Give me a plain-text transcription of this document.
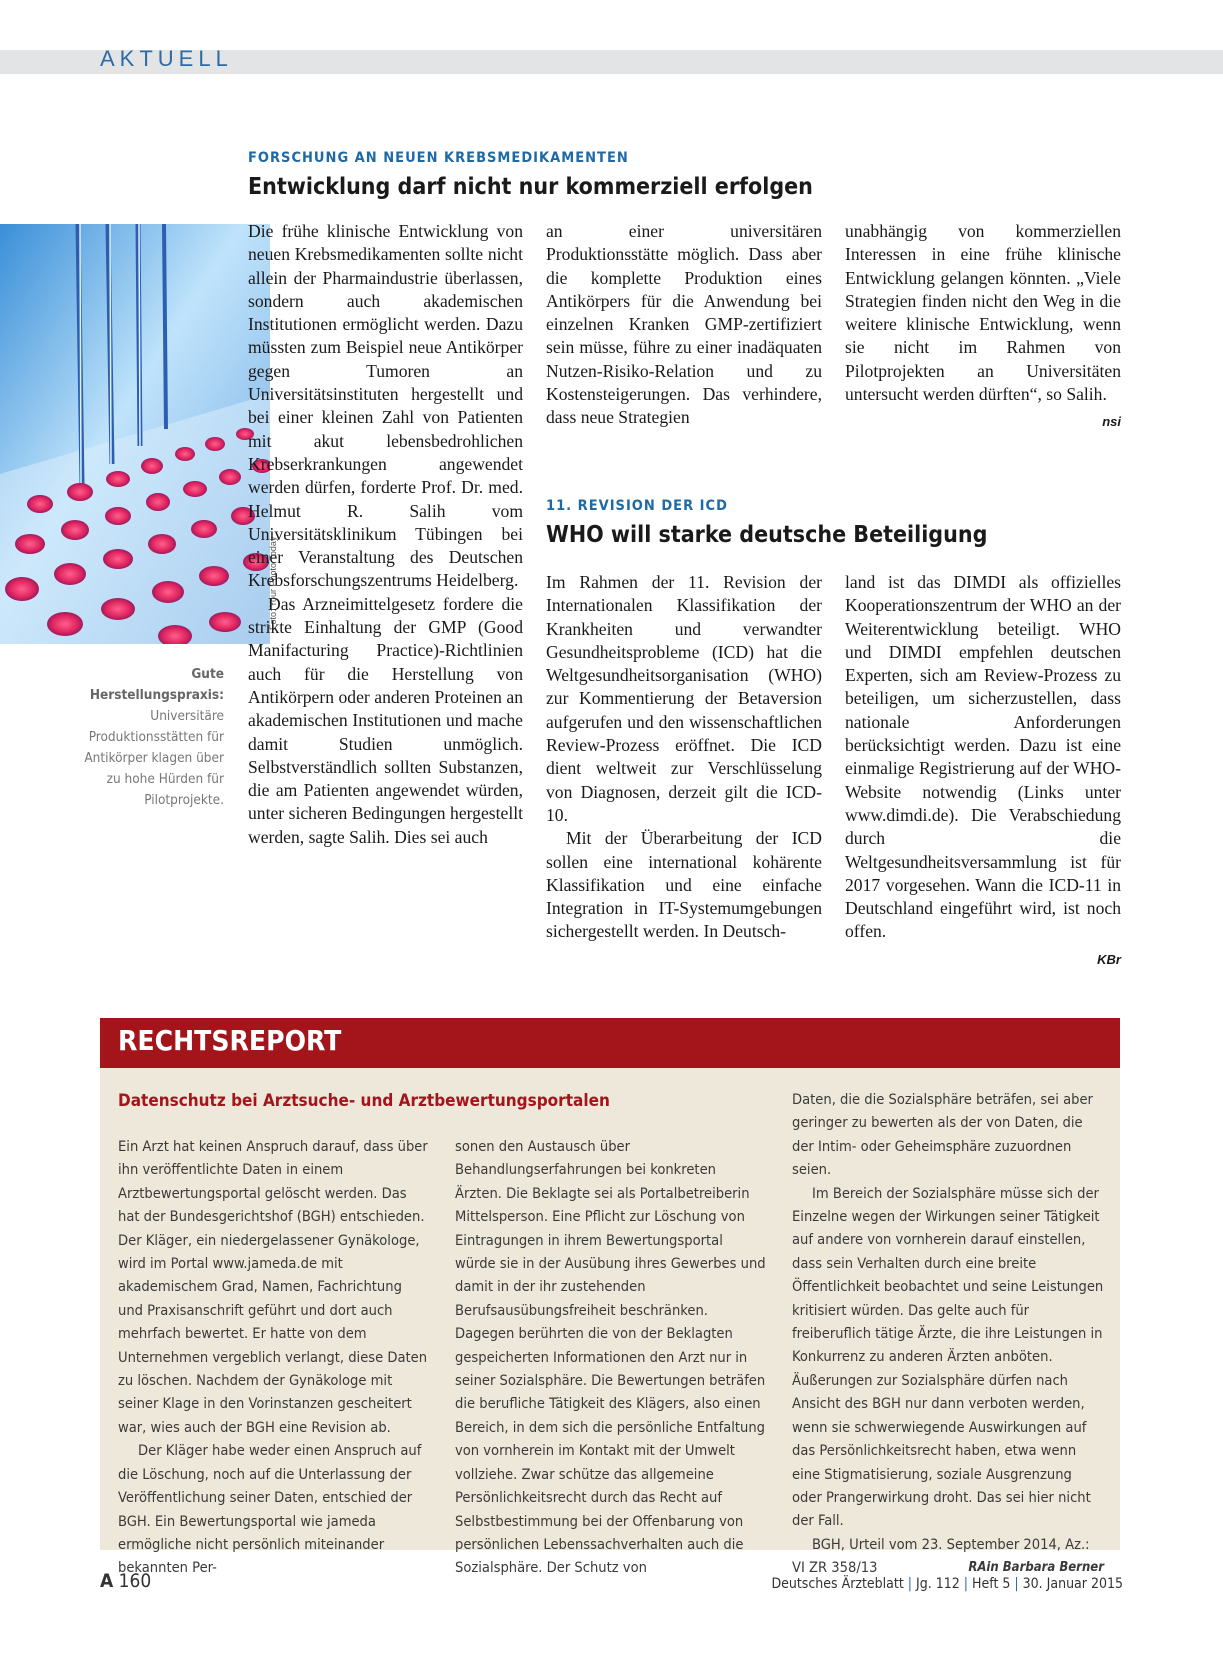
AKTUELL
FORSCHUNG AN NEUEN KREBSMEDIKAMENTEN
Entwicklung darf nicht nur kommerziell erfolgen
Foto: Your Photo Today
Gute Herstellungspraxis: Universitäre Produktionsstätten für Antikörper klagen über zu hohe Hürden für Pilotprojekte.

Die frühe klinische Entwicklung von neuen Krebsmedikamenten sollte nicht allein der Pharmaindustrie überlassen, sondern auch akademischen Institutionen ermöglicht werden. Dazu müssten zum Beispiel neue Antikörper gegen Tumoren an Universitätsinstituten hergestellt und bei einer kleinen Zahl von Patienten mit akut lebensbedrohlichen Krebserkrankungen angewendet werden dürfen, forderte Prof. Dr. med. Helmut R. Salih vom Universitätsklinikum Tübingen bei einer Veranstaltung des Deutschen Krebsforschungszentrums Heidelberg.

Das Arzneimittelgesetz fordere die strikte Einhaltung der GMP (Good Manifacturing Practice)-Richtlinien auch für die Herstellung von Antikörpern oder anderen Proteinen an akademischen Institutionen und mache damit Studien unmöglich. Selbstverständlich sollten Substanzen, die am Patienten angewendet würden, unter sicheren Bedingungen hergestellt werden, sagte Salih. Dies sei auch

an einer universitären Produktionsstätte möglich. Dass aber die komplette Produktion eines Antikörpers für die Anwendung bei einzelnen Kranken GMP-zertifiziert sein müsse, führe zu einer inadäquaten Nutzen-Risiko-Relation und zu Kostensteigerungen. Das verhindere, dass neue Strategien

unabhängig von kommerziellen Interessen in eine frühe klinische Entwicklung gelangen könnten. „Viele Strategien finden nicht den Weg in die weitere klinische Entwicklung, wenn sie nicht im Rahmen von Pilotprojekten an Universitäten untersucht werden dürften“, so Salih.

nsi
11. REVISION DER ICD
WHO will starke deutsche Beteiligung

Im Rahmen der 11. Revision der Internationalen Klassifikation der Krankheiten und verwandter Gesundheitsprobleme (ICD) hat die Weltgesundheitsorganisation (WHO) zur Kommentierung der Betaversion aufgerufen und den wissenschaftlichen Review-Prozess eröffnet. Die ICD dient weltweit zur Verschlüsselung von Diagnosen, derzeit gilt die ICD-10.

Mit der Überarbeitung der ICD sollen eine international kohärente Klassifikation und eine einfache Integration in IT-Systemumgebungen sichergestellt werden. In Deutsch-

land ist das DIMDI als offizielles Kooperationszentrum der WHO an der Weiterentwicklung beteiligt. WHO und DIMDI empfehlen deutschen Experten, sich am Review-Prozess zu beteiligen, um sicherzustellen, dass nationale Anforderungen berücksichtigt werden. Dazu ist eine einmalige Registrierung auf der WHO-Website notwendig (Links unter www.dimdi.de). Die Verabschiedung durch die Weltgesundheitsversammlung ist für 2017 vorgesehen. Wann die ICD-11 in Deutschland eingeführt wird, ist noch offen.

KBr
RECHTSREPORT
Datenschutz bei Arztsuche- und Arztbewertungsportalen

Ein Arzt hat keinen Anspruch darauf, dass über ihn veröffentlichte Daten in einem Arztbewertungsportal gelöscht werden. Das hat der Bundesgerichtshof (BGH) entschieden. Der Kläger, ein niedergelassener Gynäkologe, wird im Portal www.jameda.de mit akademischem Grad, Namen, Fachrichtung und Praxisanschrift geführt und dort auch mehrfach bewertet. Er hatte von dem Unternehmen vergeblich verlangt, diese Daten zu löschen. Nachdem der Gynäkologe mit seiner Klage in den Vorinstanzen gescheitert war, wies auch der BGH eine Revision ab.

Der Kläger habe weder einen Anspruch auf die Löschung, noch auf die Unterlassung der Veröffentlichung seiner Daten, entschied der BGH. Ein Bewertungsportal wie jameda ermögliche nicht persönlich miteinander bekannten Per-

sonen den Austausch über Behandlungserfahrungen bei konkreten Ärzten. Die Beklagte sei als Portalbetreiberin Mittelsperson. Eine Pflicht zur Löschung von Eintragungen in ihrem Bewertungsportal würde sie in der Ausübung ihres Gewerbes und damit in der ihr zustehenden Berufsausübungsfreiheit beschränken. Dagegen berührten die von der Beklagten gespeicherten Informationen den Arzt nur in seiner Sozialsphäre. Die Bewertungen beträfen die berufliche Tätigkeit des Klägers, also einen Bereich, in dem sich die persönliche Entfaltung von vornherein im Kontakt mit der Umwelt vollziehe. Zwar schütze das allgemeine Persönlichkeitsrecht durch das Recht auf Selbstbestimmung bei der Offenbarung von persönlichen Lebenssachverhalten auch die Sozialsphäre. Der Schutz von

Daten, die die Sozialsphäre beträfen, sei aber geringer zu bewerten als der von Daten, die der Intim- oder Geheimsphäre zuzuordnen seien.

Im Bereich der Sozialsphäre müsse sich der Einzelne wegen der Wirkungen seiner Tätigkeit auf andere von vornherein darauf einstellen, dass sein Verhalten durch eine breite Öffentlichkeit beobachtet und seine Leistungen kritisiert würden. Das gelte auch für freiberuflich tätige Ärzte, die ihre Leistungen in Konkurrenz zu anderen Ärzten anböten. Äußerungen zur Sozialsphäre dürfen nach Ansicht des BGH nur dann verboten werden, wenn sie schwerwiegende Auswirkungen auf das Persönlichkeitsrecht haben, etwa wenn eine Stigmatisierung, soziale Ausgrenzung oder Prangerwirkung droht. Das sei hier nicht der Fall.

BGH, Urteil vom 23. September 2014, Az.: VI ZR 358/13	RAin Barbara Berner

A 160	Deutsches Ärzteblatt | Jg. 112 | Heft 5 | 30. Januar 2015
